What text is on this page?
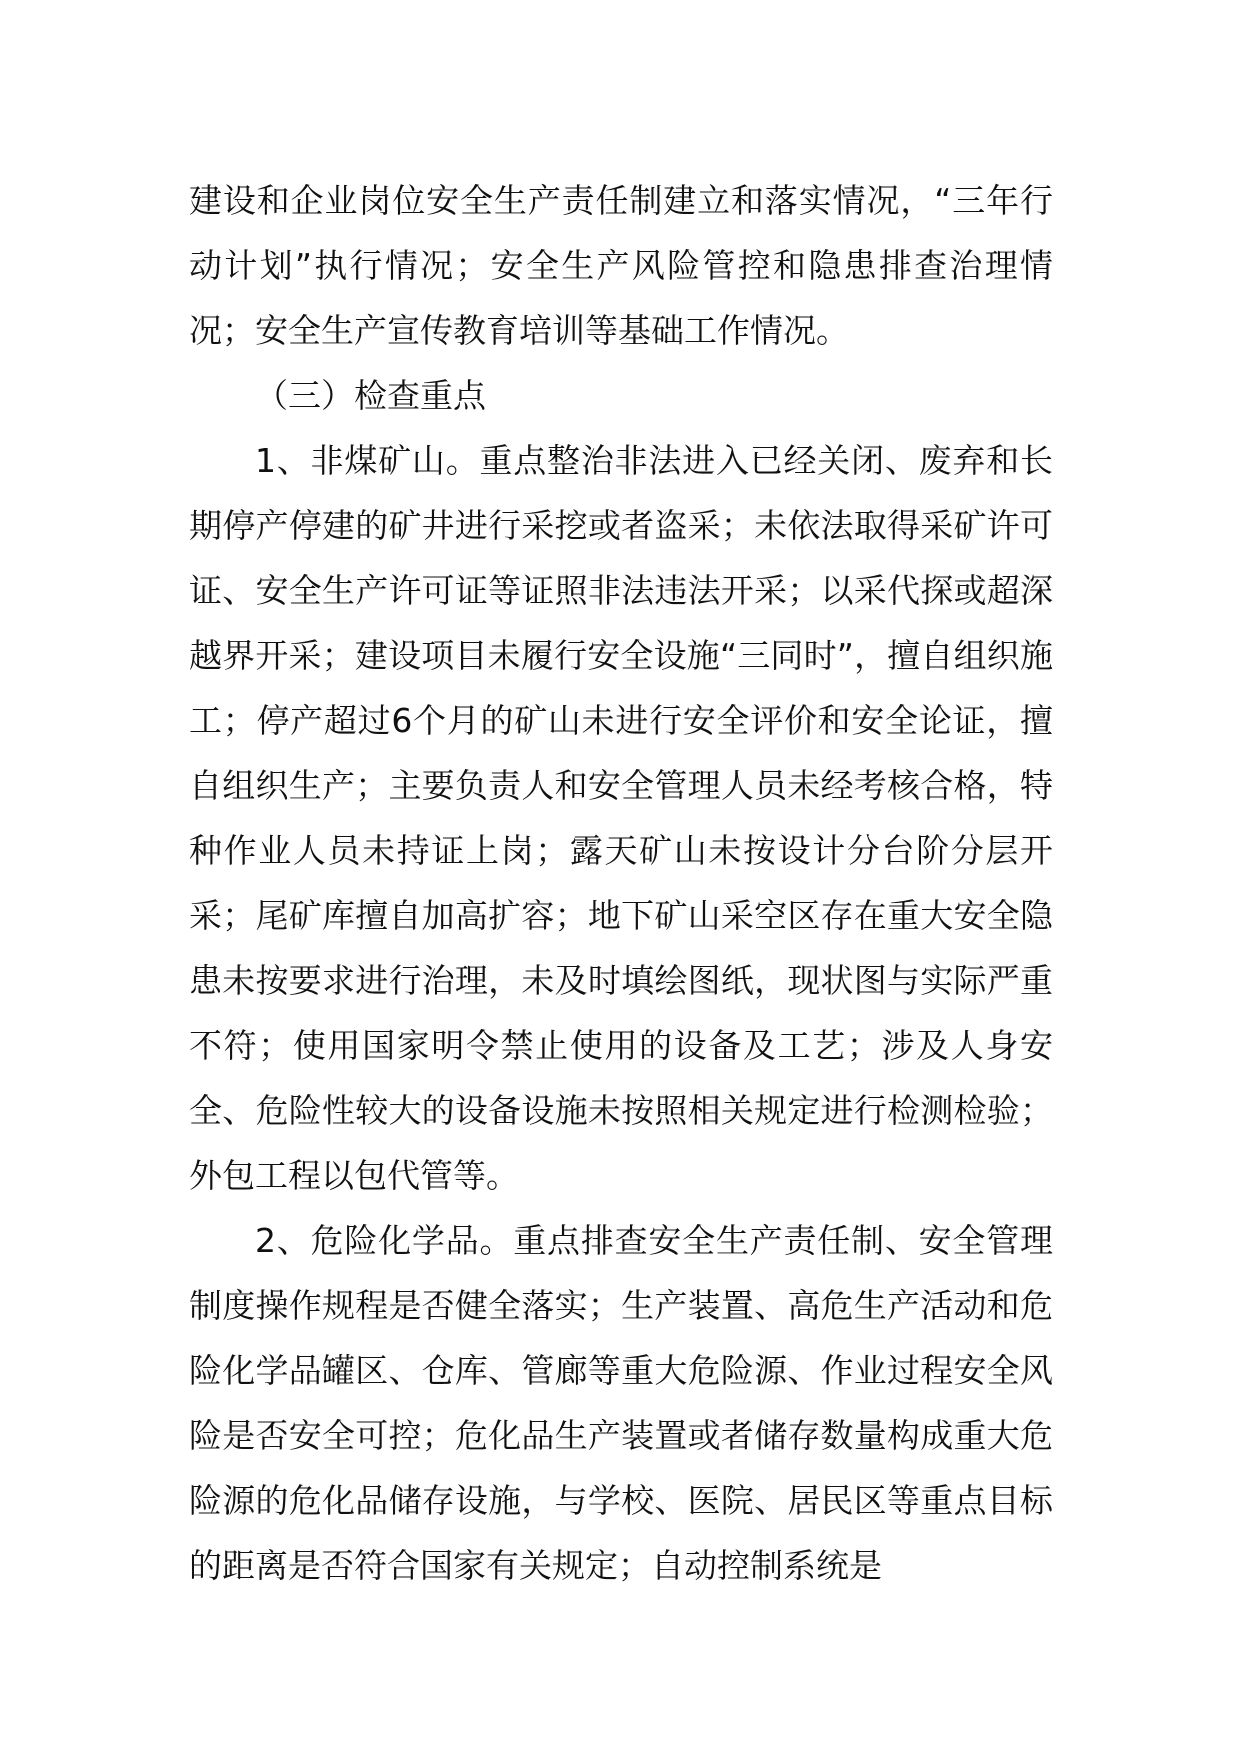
建设和企业岗位安全生产责任制建立和落实情况，“三年行动计划”执行情况；安全生产风险管控和隐患排查治理情况；安全生产宣传教育培训等基础工作情况。

（三）检查重点

1、非煤矿山。重点整治非法进入已经关闭、废弃和长期停产停建的矿井进行采挖或者盗采；未依法取得采矿许可证、安全生产许可证等证照非法违法开采；以采代探或超深越界开采；建设项目未履行安全设施“三同时”，擅自组织施工；停产超过6个月的矿山未进行安全评价和安全论证，擅自组织生产；主要负责人和安全管理人员未经考核合格，特种作业人员未持证上岗；露天矿山未按设计分台阶分层开采；尾矿库擅自加高扩容；地下矿山采空区存在重大安全隐患未按要求进行治理，未及时填绘图纸，现状图与实际严重不符；使用国家明令禁止使用的设备及工艺；涉及人身安全、危险性较大的设备设施未按照相关规定进行检测检验；外包工程以包代管等。

2、危险化学品。重点排查安全生产责任制、安全管理制度操作规程是否健全落实；生产装置、高危生产活动和危险化学品罐区、仓库、管廊等重大危险源、作业过程安全风险是否安全可控；危化品生产装置或者储存数量构成重大危险源的危化品储存设施，与学校、医院、居民区等重点目标的距离是否符合国家有关规定；自动控制系统是
